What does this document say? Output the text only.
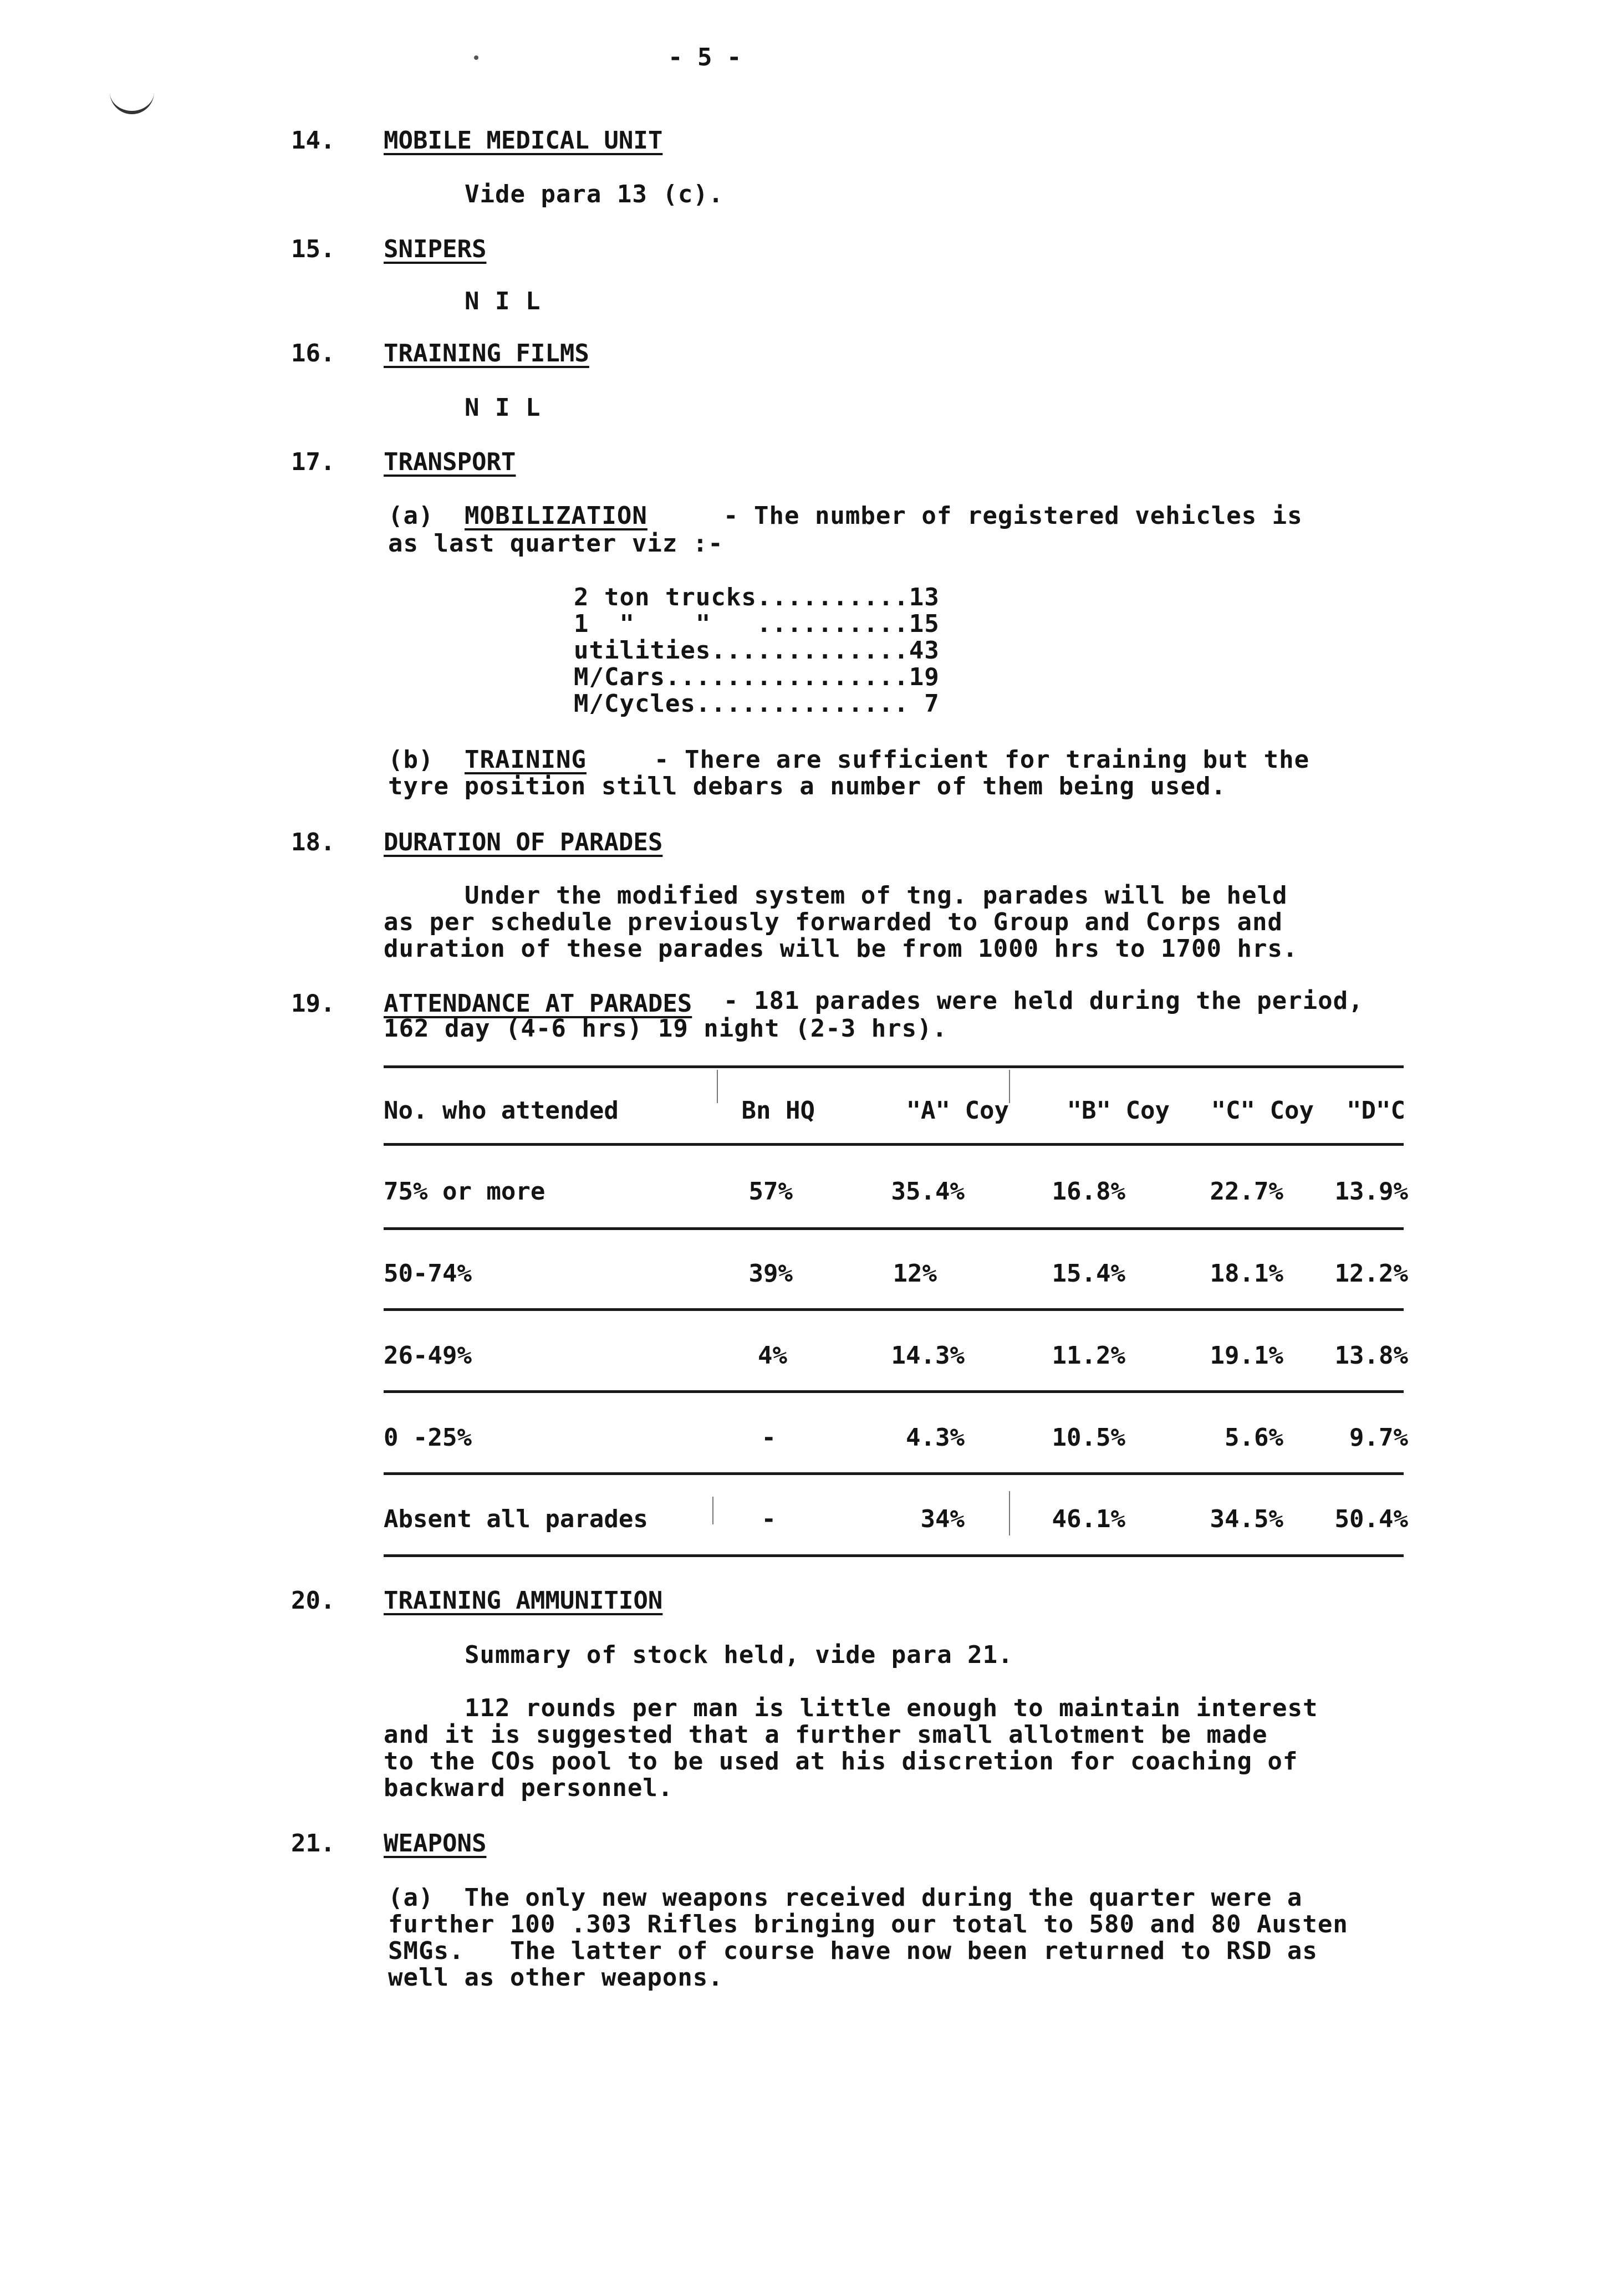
- 5 -
14. MOBILE MEDICAL UNIT
Vide para 13 (c).
15. SNIPERS
N I L
16. TRAINING FILMS
N I L
17. TRANSPORT
(a) MOBILIZATION	- The number of registered vehicles is
as last quarter viz :-
2 ton trucks..........13
1  "    "   ..........15
utilities.............43
M/Cars................19
M/Cycles.............. 7
(b) TRAINING	- There are sufficient for training but the
tyre position still debars a number of them being used.
18. DURATION OF PARADES
Under the modified system of tng. parades will be held
as per schedule previously forwarded to Group and Corps and
duration of these parades will be from 1000 hrs to 1700 hrs.
19. ATTENDANCE AT PARADES - 181 parades were held during the period,
162 day (4-6 hrs) 19 night (2-3 hrs).
No. who attended	Bn HQ	"A" Coy	"B" Coy	"C" Coy	"D"C
75% or more	57%	35.4%	16.8%	22.7%	13.9%
50-74%	39%	12%	15.4%	18.1%	12.2%
26-49%	4%	14.3%	11.2%	19.1%	13.8%
0 -25%	-	4.3%	10.5%	5.6%	9.7%
Absent all parades	-	34%	46.1%	34.5%	50.4%
20. TRAINING AMMUNITION
Summary of stock held, vide para 21.
112 rounds per man is little enough to maintain interest
and it is suggested that a further small allotment be made
to the COs pool to be used at his discretion for coaching of
backward personnel.
21. WEAPONS
(a)  The only new weapons received during the quarter were a
further 100 .303 Rifles bringing our total to 580 and 80 Austen
SMGs.   The latter of course have now been returned to RSD as
well as other weapons.
